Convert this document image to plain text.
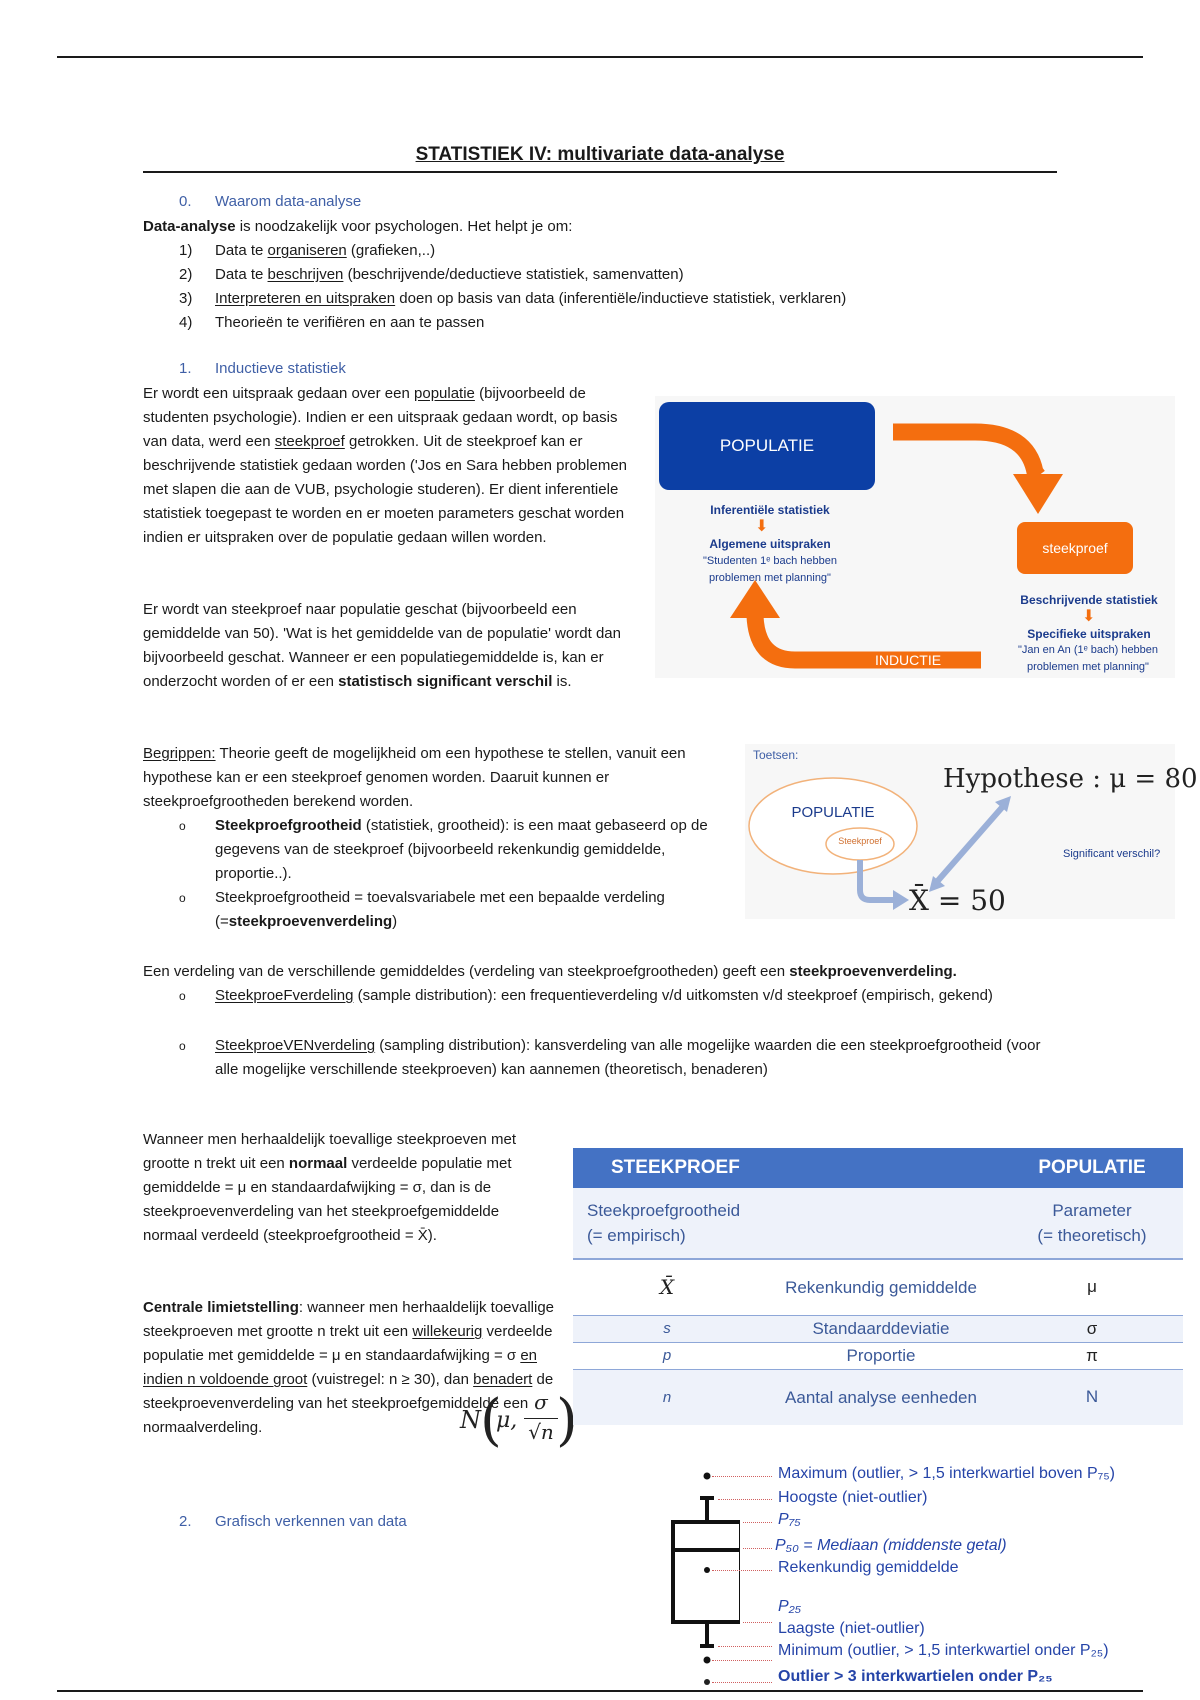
STATISTIEK IV: multivariate data-analyse
0. Waarom data-analyse
Data-analyse is noodzakelijk voor psychologen. Het helpt je om:
1) Data te organiseren (grafieken,..)
2) Data te beschrijven (beschrijvende/deductieve statistiek, samenvatten)
3) Interpreteren en uitspraken doen op basis van data (inferentiële/inductieve statistiek, verklaren)
4) Theorieën te verifiëren en aan te passen
1. Inductieve statistiek
Er wordt een uitspraak gedaan over een populatie (bijvoorbeeld de studenten psychologie). Indien er een uitspraak gedaan wordt, op basis van data, werd een steekproef getrokken. Uit de steekproef kan er beschrijvende statistiek gedaan worden ('Jos en Sara hebben problemen met slapen die aan de VUB, psychologie studeren). Er dient inferentiele statistiek toegepast te worden en er moeten parameters geschat worden indien er uitspraken over de populatie gedaan willen worden.
Er wordt van steekproef naar populatie geschat (bijvoorbeeld een gemiddelde van 50). 'Wat is het gemiddelde van de populatie' wordt dan bijvoorbeeld geschat. Wanneer er een populatiegemiddelde is, kan er onderzocht worden of er een statistisch significant verschil is.
POPULATIE
steekproef
INDUCTIE
Inferentiële statistiek
⬇
Algemene uitspraken
"Studenten 1ᵉ bach hebben problemen met planning"
Beschrijvende statistiek
⬇
Specifieke uitspraken
"Jan en An (1ᵉ bach) hebben problemen met planning"
Begrippen: Theorie geeft de mogelijkheid om een hypothese te stellen, vanuit een hypothese kan er een steekproef genomen worden. Daaruit kunnen er steekproefgrootheden berekend worden.
o Steekproefgrootheid (statistiek, grootheid): is een maat gebaseerd op de gegevens van de steekproef (bijvoorbeeld rekenkundig gemiddelde, proportie..).
o Steekproefgrootheid = toevalsvariabele met een bepaalde verdeling (=steekproevenverdeling)
Toetsen:
Hypothese : μ = 80
POPULATIE
Steekproef
X̄ = 50
Significant verschil?
Een verdeling van de verschillende gemiddeldes (verdeling van steekproefgrootheden) geeft een steekproevenverdeling.
o SteekproeFverdeling (sample distribution): een frequentieverdeling v/d uitkomsten v/d steekproef (empirisch, gekend)
o SteekproeVENverdeling (sampling distribution): kansverdeling van alle mogelijke waarden die een steekproefgrootheid (voor alle mogelijke verschillende steekproeven) kan aannemen (theoretisch, benaderen)
Wanneer men herhaaldelijk toevallige steekproeven met grootte n trekt uit een normaal verdeelde populatie met gemiddelde = μ en standaardafwijking = σ, dan is de steekproevenverdeling van het steekproefgemiddelde normaal verdeeld (steekproefgrootheid = X̄).
Centrale limietstelling: wanneer men herhaaldelijk toevallige steekproeven met grootte n trekt uit een willekeurig verdeelde populatie met gemiddelde = μ en standaardafwijking = σ en indien n voldoende groot (vuistregel: n ≥ 30), dan benadert de steekproevenverdeling van het steekproefgemiddelde een normaalverdeling.	N (
μ,
σ
√n )
STEEKPROEF		POPULATIE
Steekproefgrootheid
(= empirisch)		Parameter
(= theoretisch)
X̄	Rekenkundig gemiddelde	μ
s	Standaarddeviatie	σ
p	Proportie	π
n	Aantal analyse eenheden	N
2. Grafisch verkennen van data
Maximum (outlier, > 1,5 interkwartiel boven P₇₅)
Hoogste (niet-outlier)
P₇₅
P₅₀ = Mediaan (middenste getal)
Rekenkundig gemiddelde
P₂₅
Laagste (niet-outlier)
Minimum (outlier, > 1,5 interkwartiel onder P₂₅)
Outlier > 3 interkwartielen onder P₂₅
